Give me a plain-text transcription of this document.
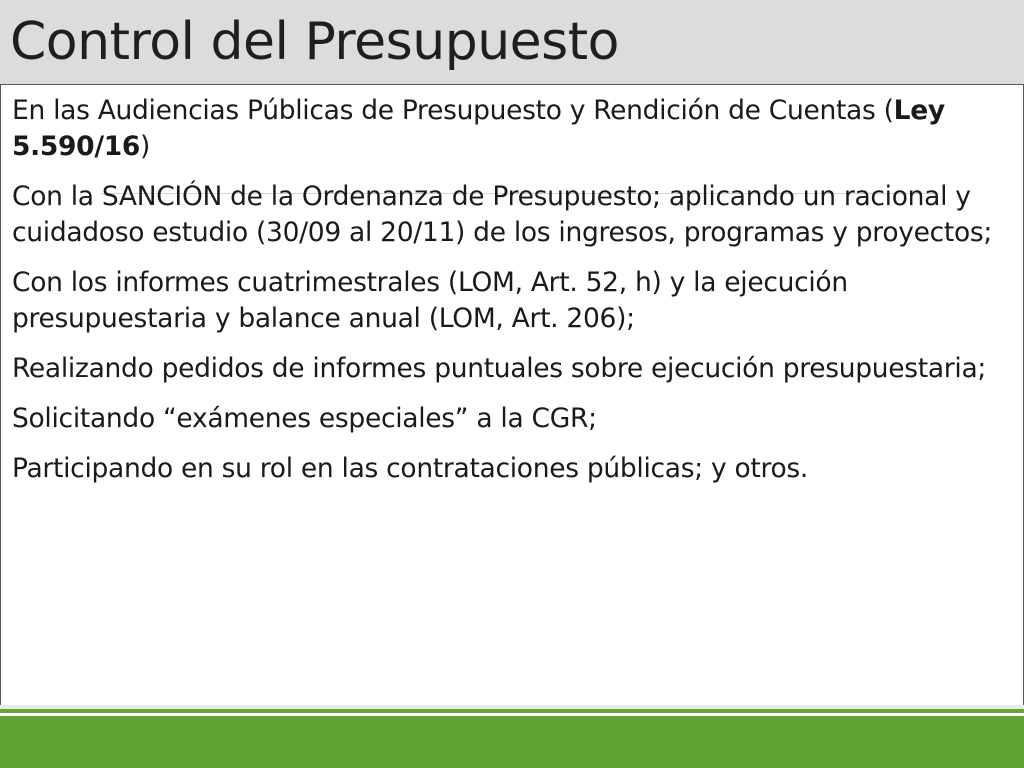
Control del Presupuesto

En las Audiencias Públicas de Presupuesto y Rendición de Cuentas (Ley 5.590/16)

Con la SANCIÓN de la Ordenanza de Presupuesto; aplicando un racional y cuidadoso estudio (30/09 al 20/11) de los ingresos, programas y proyectos;

Con los informes cuatrimestrales (LOM, Art. 52, h) y la ejecución presupuestaria y balance anual (LOM, Art. 206);

Realizando pedidos de informes puntuales sobre ejecución presupuestaria;

Solicitando “exámenes especiales” a la CGR;

Participando en su rol en las contrataciones públicas; y otros.
